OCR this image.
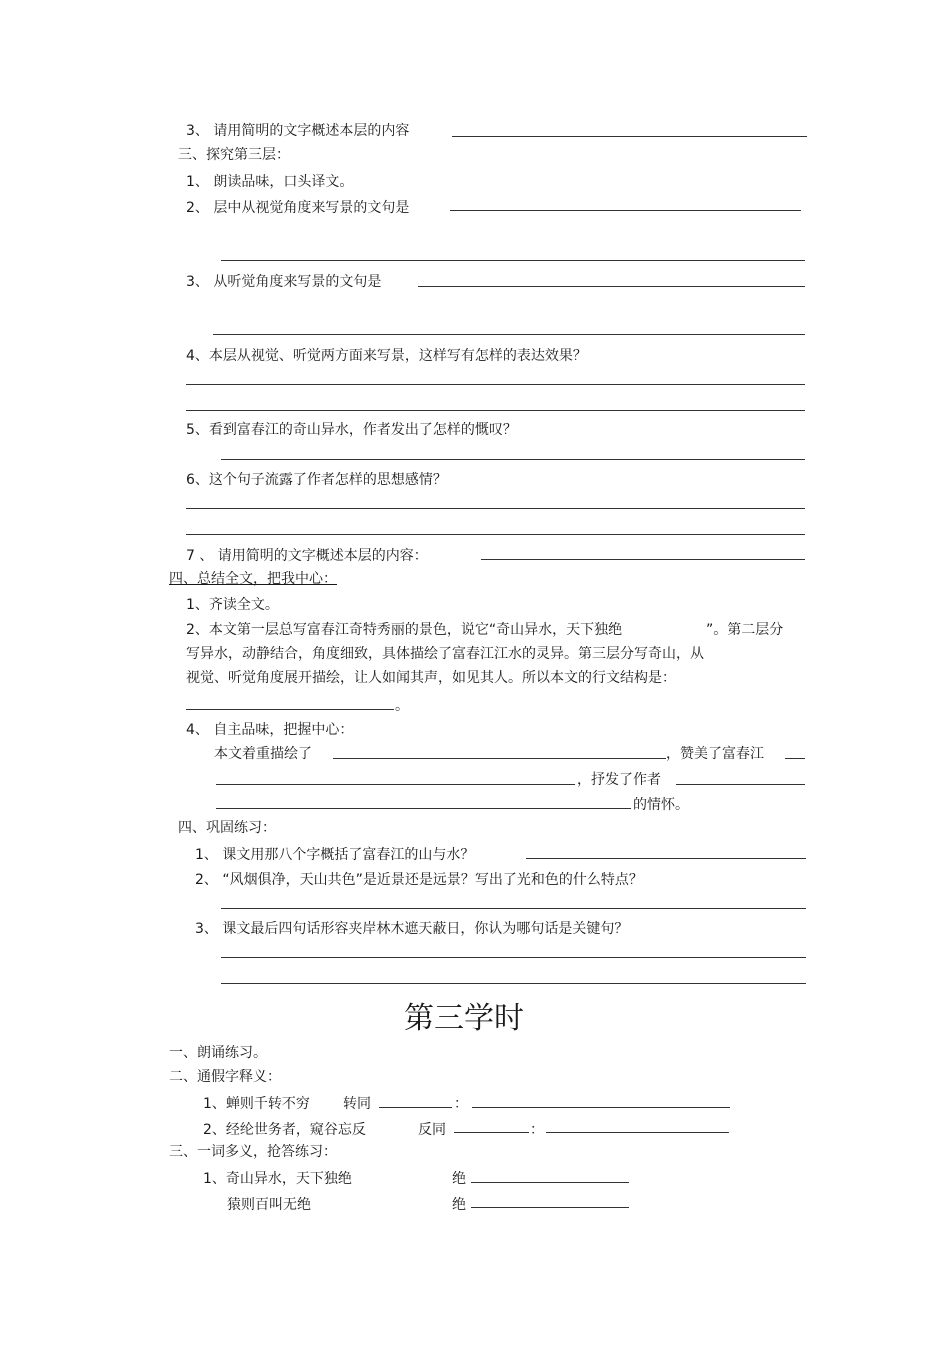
3、 请用简明的文字概述本层的内容
三、探究第三层：
1、 朗读品味，口头译文。
2、 层中从视觉角度来写景的文句是
3、 从听觉角度来写景的文句是
4、本层从视觉、听觉两方面来写景，这样写有怎样的表达效果？
5、看到富春江的奇山异水，作者发出了怎样的慨叹？
6、这个句子流露了作者怎样的思想感情？
7 、 请用简明的文字概述本层的内容：
四、总结全文，把我中心：
1、齐读全文。
2、本文第一层总写富春江奇特秀丽的景色，说它“奇山异水，天下独绝	”。第二层分
写异水，动静结合，角度细致，具体描绘了富春江江水的灵异。第三层分写奇山，从
视觉、听觉角度展开描绘，让人如闻其声，如见其人。所以本文的行文结构是：
。
4、 自主品味，把握中心：
本文着重描绘了	，赞美了富春江
，抒发了作者
的情怀。
四、巩固练习：
1、 课文用那八个字概括了富春江的山与水？
2、 “风烟俱净，天山共色”是近景还是远景？写出了光和色的什么特点？
3、 课文最后四句话形容夹岸林木遮天蔽日，你认为哪句话是关键句？
第三学时
一、朗诵练习。
二、通假字释义：
1、蝉则千转不穷 转同	：
2、经纶世务者，窥谷忘反	反同	：
三、一词多义，抢答练习：
1、奇山异水，天下独绝	绝
猿则百叫无绝	绝
